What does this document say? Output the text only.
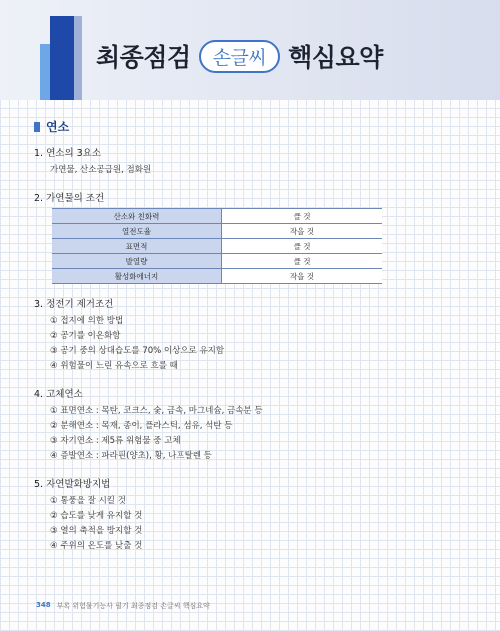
최종점검	손글씨 핵심요약
연소
1. 연소의 3요소
가연물, 산소공급원, 점화원
2. 가연물의 조건
산소와 친화력	클 것
열전도율	작을 것
표면적	클 것
발열량	클 것
활성화에너지	작을 것
3. 정전기 제거조건
① 접지에 의한 방법
② 공기를 이온화함
③ 공기 중의 상대습도를 70% 이상으로 유지함
④ 위험물이 느린 유속으로 흐를 때
4. 고체연소
① 표면연소 : 목탄, 코크스, 숯, 금속, 마그네슘, 금속분 등
② 분해연소 : 목재, 종이, 플라스틱, 섬유, 석탄 등
③ 자기연소 : 제5류 위험물 중 고체
④ 증발연소 : 파라핀(양초), 황, 나프탈렌 등
5. 자연발화방지법
① 통풍을 잘 시킬 것
② 습도를 낮게 유지할 것
③ 열의 축적을 방지할 것
④ 주위의 온도를 낮출 것
348 부록 위험물기능사 필기 최종점검 손글씨 핵심요약
